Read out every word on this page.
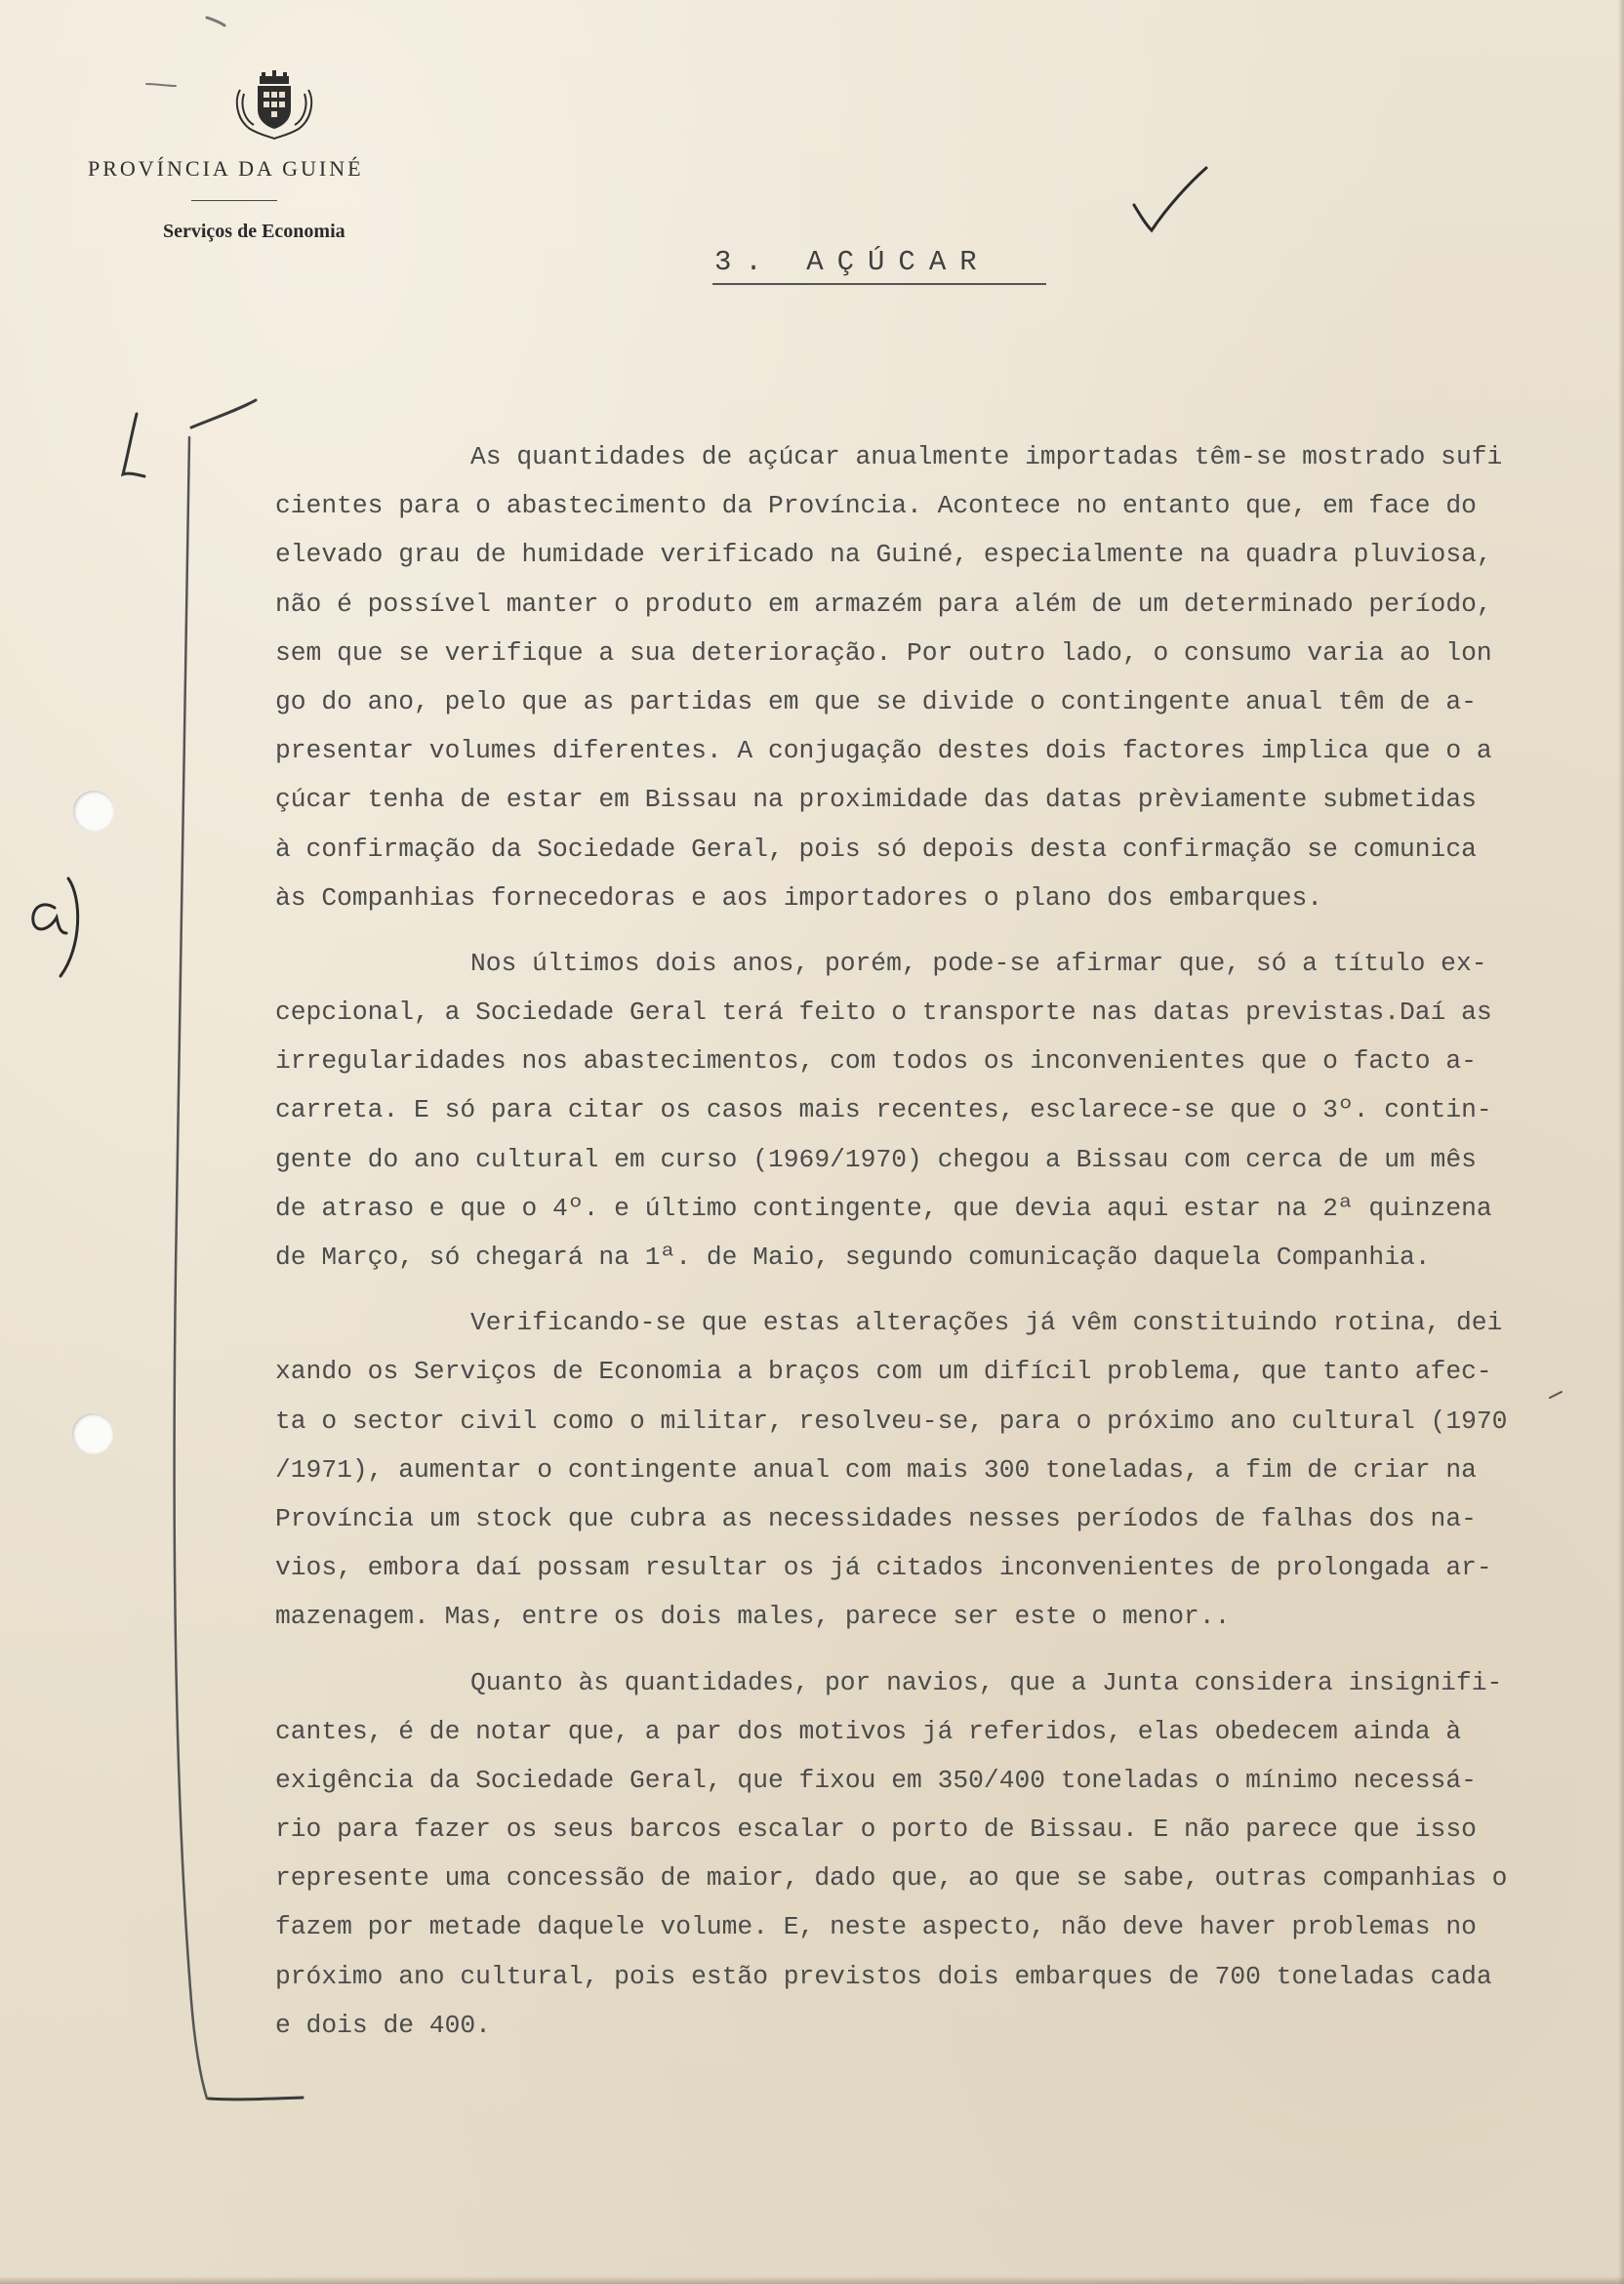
PROVÍNCIA DA GUINÉ
Serviços de Economia
3. AÇÚCAR
As quantidades de açúcar anualmente importadas têm-se mostrado sufi
cientes para o abastecimento da Província. Acontece no entanto que, em face do
elevado grau de humidade verificado na Guiné, especialmente na quadra pluviosa,
não é possível manter o produto em armazém para além de um determinado período,
sem que se verifique a sua deterioração. Por outro lado, o consumo varia ao lon
go do ano, pelo que as partidas em que se divide o contingente anual têm de a-
presentar volumes diferentes. A conjugação destes dois factores implica que o a
çúcar tenha de estar em Bissau na proximidade das datas prèviamente submetidas
à confirmação da Sociedade Geral, pois só depois desta confirmação se comunica
às Companhias fornecedoras e aos importadores o plano dos embarques.
Nos últimos dois anos, porém, pode-se afirmar que, só a título ex-
cepcional, a Sociedade Geral terá feito o transporte nas datas previstas.Daí as
irregularidades nos abastecimentos, com todos os inconvenientes que o facto a-
carreta. E só para citar os casos mais recentes, esclarece-se que o 3º. contin-
gente do ano cultural em curso (1969/1970) chegou a Bissau com cerca de um mês
de atraso e que o 4º. e último contingente, que devia aqui estar na 2ª quinzena
de Março, só chegará na 1ª. de Maio, segundo comunicação daquela Companhia.
Verificando-se que estas alterações já vêm constituindo rotina, dei
xando os Serviços de Economia a braços com um difícil problema, que tanto afec-
ta o sector civil como o militar, resolveu-se, para o próximo ano cultural (1970
/1971), aumentar o contingente anual com mais 300 toneladas, a fim de criar na
Província um stock que cubra as necessidades nesses períodos de falhas dos na-
vios, embora daí possam resultar os já citados inconvenientes de prolongada ar-
mazenagem. Mas, entre os dois males, parece ser este o menor..
Quanto às quantidades, por navios, que a Junta considera insignifi-
cantes, é de notar que, a par dos motivos já referidos, elas obedecem ainda à
exigência da Sociedade Geral, que fixou em 350/400 toneladas o mínimo necessá-
rio para fazer os seus barcos escalar o porto de Bissau. E não parece que isso
represente uma concessão de maior, dado que, ao que se sabe, outras companhias o
fazem por metade daquele volume. E, neste aspecto, não deve haver problemas no
próximo ano cultural, pois estão previstos dois embarques de 700 toneladas cada
e dois de 400.
